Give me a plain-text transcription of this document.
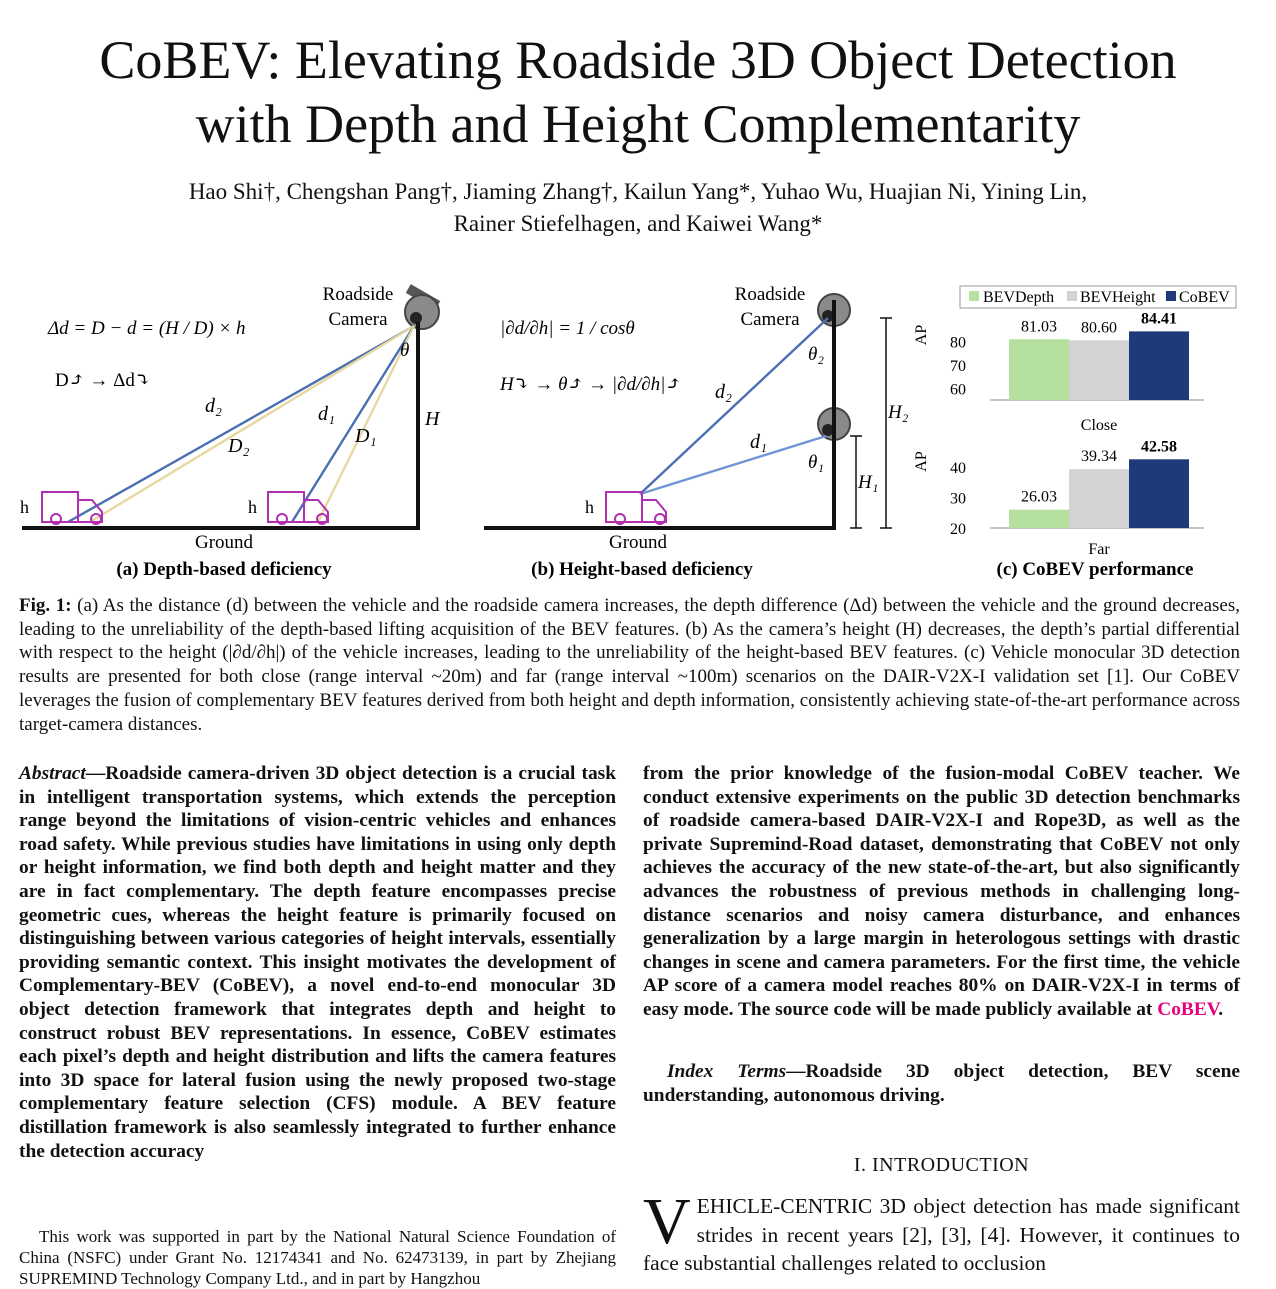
CoBEV: Elevating Roadside 3D Object Detection
with Depth and Height Complementarity
Hao Shi†, Chengshan Pang†, Jiaming Zhang†, Kailun Yang*, Yuhao Wu, Huajian Ni, Yining Lin,
Rainer Stiefelhagen, and Kaiwei Wang*
Δd = D − d = (H / D) × h
D⤴ → Δd⤵
Roadside
Camera
d₂
D₂
d₁
D₁
θ
H
h	h
Ground
(a) Depth-based deficiency
|∂d/∂h| = 1 / cosθ
H⤵ → θ⤴ → |∂d/∂h|⤴
Roadside
Camera
d₂
d₁
θ₂
θ₁
H₂
H₁
h
Ground
(b) Height-based deficiency
BEVDepth BEVHeight CoBEV
60
70
80
AP	81.03 80.60
84.41
Close
20
30
40
AP
26.03
39.34
42.58
Far
(c) CoBEV performance
Fig. 1: (a) As the distance (d) between the vehicle and the roadside camera increases, the depth difference (Δd) between the vehicle and the ground decreases, leading to the unreliability of the depth-based lifting acquisition of the BEV features. (b) As the camera’s height (H) decreases, the depth’s partial differential with respect to the height (|∂d/∂h|) of the vehicle increases, leading to the unreliability of the height-based BEV features. (c) Vehicle monocular 3D detection results are presented for both close (range interval ~20m) and far (range interval ~100m) scenarios on the DAIR-V2X-I validation set [1]. Our CoBEV leverages the fusion of complementary BEV features derived from both height and depth information, consistently achieving state-of-the-art performance across target-camera distances.
Abstract—Roadside camera-driven 3D object detection is a crucial task in intelligent transportation systems, which extends the perception range beyond the limitations of vision-centric vehicles and enhances road safety. While previous studies have limitations in using only depth or height information, we find both depth and height matter and they are in fact complementary. The depth feature encompasses precise geometric cues, whereas the height feature is primarily focused on distinguishing between various categories of height intervals, essentially providing semantic context. This insight motivates the development of Complementary-BEV (CoBEV), a novel end-to-end monocular 3D object detection framework that integrates depth and height to construct robust BEV representations. In essence, CoBEV estimates each pixel’s depth and height distribution and lifts the camera features into 3D space for lateral fusion using the newly proposed two-stage complementary feature selection (CFS) module. A BEV feature distillation framework is also seamlessly integrated to further enhance the detection accuracy
from the prior knowledge of the fusion-modal CoBEV teacher. We conduct extensive experiments on the public 3D detection benchmarks of roadside camera-based DAIR-V2X-I and Rope3D, as well as the private Supremind-Road dataset, demonstrating that CoBEV not only achieves the accuracy of the new state-of-the-art, but also significantly advances the robustness of previous methods in challenging long-distance scenarios and noisy camera disturbance, and enhances generalization by a large margin in heterologous settings with drastic changes in scene and camera parameters. For the first time, the vehicle AP score of a camera model reaches 80% on DAIR-V2X-I in terms of easy mode. The source code will be made publicly available at CoBEV.
Index Terms—Roadside 3D object detection, BEV scene understanding, autonomous driving.
I. INTRODUCTION
VEHICLE-CENTRIC 3D object detection has made significant strides in recent years [2], [3], [4]. However, it continues to face substantial challenges related to occlusion
This work was supported in part by the National Natural Science Foundation of China (NSFC) under Grant No. 12174341 and No. 62473139, in part by Zhejiang SUPREMIND Technology Company Ltd., and in part by Hangzhou
